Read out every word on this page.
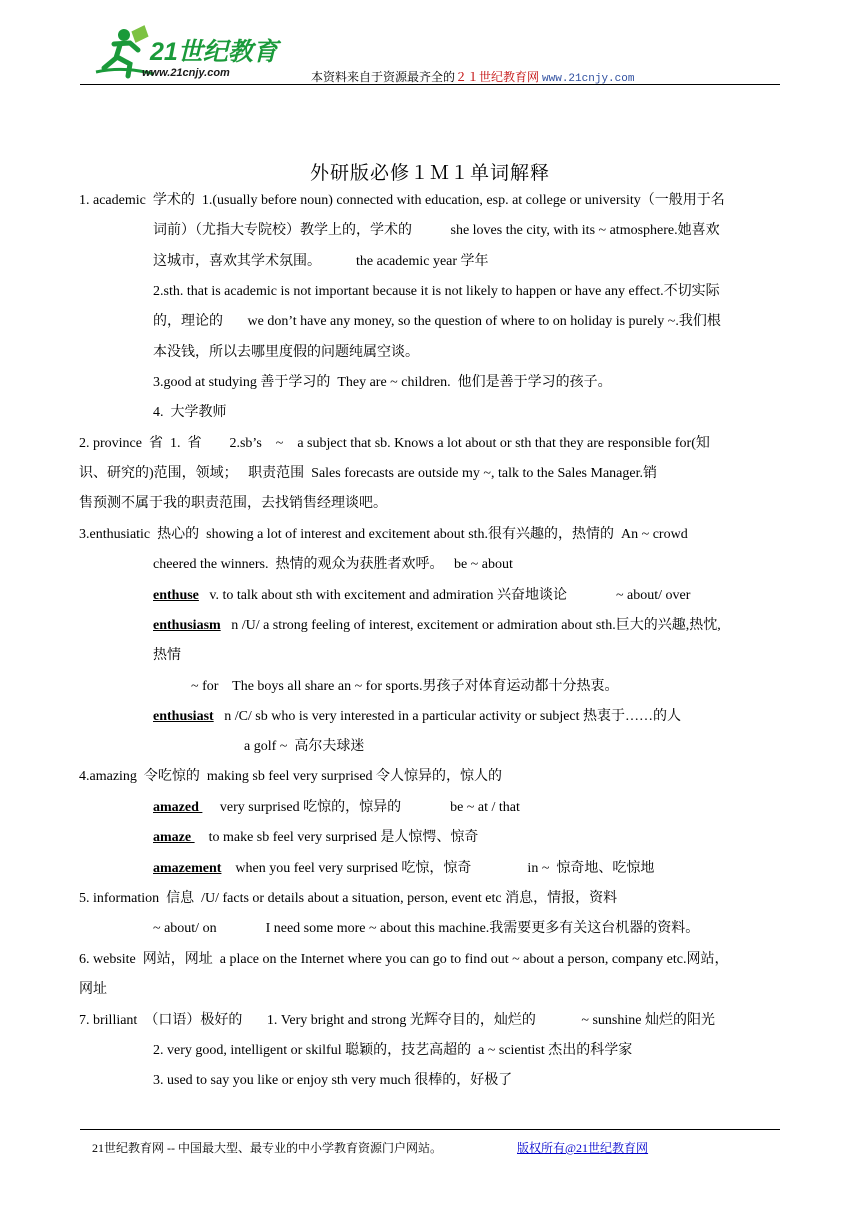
21世纪教育
www.21cnjy.com	本资料来自于资源最齐全的２１世纪教育网 www.21cnjy.com
外研版必修１Ｍ１单词解释
1. academic  学术的  1.(usually before noun) connected with education, esp. at college or university（一般用于名
词前）（尤指大专院校）教学上的，学术的           she loves the city, with its ~ atmosphere.她喜欢
这城市，喜欢其学术氛围。          the academic year 学年
2.sth. that is academic is not important because it is not likely to happen or have any effect.不切实际
的，理论的       we don’t have any money, so the question of where to on holiday is purely ~.我们根
本没钱，所以去哪里度假的问题纯属空谈。
3.good at studying 善于学习的  They are ~ children.  他们是善于学习的孩子。
4.  大学教师
2. province  省  1.  省        2.sb’s    ~    a subject that sb. Knows a lot about or sth that they are responsible for(知
识、研究的)范围，领域；   职责范围  Sales forecasts are outside my ~, talk to the Sales Manager.销
售预测不属于我的职责范围，去找销售经理谈吧。
3.enthusiatic  热心的  showing a lot of interest and excitement about sth.很有兴趣的，热情的  An ~ crowd
cheered the winners.  热情的观众为获胜者欢呼。   be ~ about
enthuse v. to talk about sth with excitement and admiration 兴奋地谈论              ~ about/ over
enthusiasm n /U/ a strong feeling of interest, excitement or admiration about sth.巨大的兴趣,热忱,
热情
~ for    The boys all share an ~ for sports.男孩子对体育运动都十分热衷。
enthusiast n /C/ sb who is very interested in a particular activity or subject 热衷于……的人
a golf ~  高尔夫球迷
4.amazing  令吃惊的  making sb feel very surprised 令人惊异的，惊人的
amazed      very surprised 吃惊的，惊异的              be ~ at / that
amaze     to make sb feel very surprised 是人惊愕、惊奇
amazement when you feel very surprised 吃惊，惊奇                in ~  惊奇地、吃惊地
5. information  信息  /U/ facts or details about a situation, person, event etc 消息，情报，资料
~ about/ on              I need some more ~ about this machine.我需要更多有关这台机器的资料。
6. website  网站，网址  a place on the Internet where you can go to find out ~ about a person, company etc.网站，
网址
7. brilliant  （口语）极好的       1. Very bright and strong 光辉夺目的，灿烂的             ~ sunshine 灿烂的阳光
2. very good, intelligent or skilful 聪颖的，技艺高超的  a ~ scientist 杰出的科学家
3. used to say you like or enjoy sth very much 很棒的，好极了
21世纪教育网 -- 中国最大型、最专业的中小学教育资源门户网站。	版权所有@21世纪教育网
